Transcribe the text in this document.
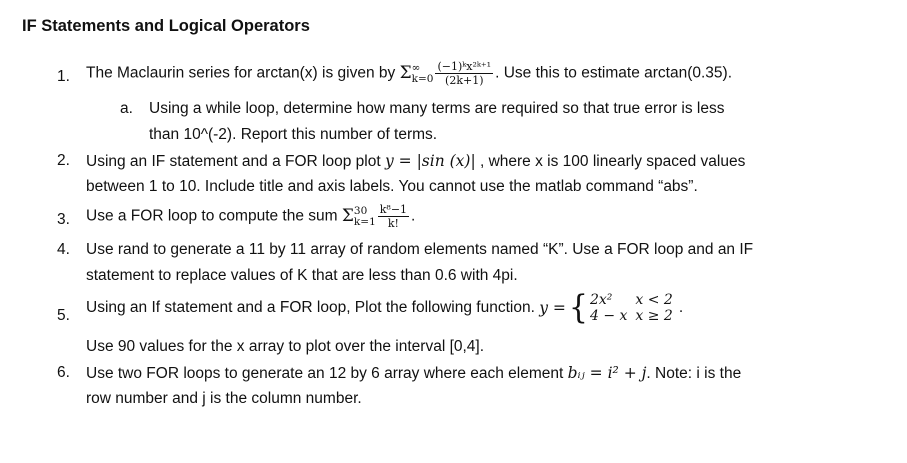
IF Statements and Logical Operators
1. The Maclaurin series for arctan(x) is given by Σ ∞
$k=0 \frac{\text{(−1)ᵏx²ᵏ⁺¹}}{(2k+1)}$ . Use this to estimate arctan(0.35).
a. Using a while loop, determine how many terms are required so that true error is less
than 10^(-2). Report this number of terms.
2. Using an IF statement and a FOR loop plot y = |sin (x)| , where x is 100 linearly spaced values
between 1 to 10. Include title and axis labels. You cannot use the matlab command “abs”.
3. Use a FOR loop to compute the sum Σ 30
$k=1 \frac{\text{k⁸−1}}{k!}$ .
4. Use rand to generate a 11 by 11 array of random elements named “K”. Use a FOR loop and an IF
statement to replace values of K that are less than 0.6 with 4pi.
5. Using an If statement and a FOR loop, Plot the following function. y = { 2x²	x < 2
4 − x	x ≥ 2 .
Use 90 values for the x array to plot over the interval [0,4].
6. Use two FOR loops to generate an 12 by 6 array where each element bᵢⱼ = i² + j. Note: i is the
row number and j is the column number.
